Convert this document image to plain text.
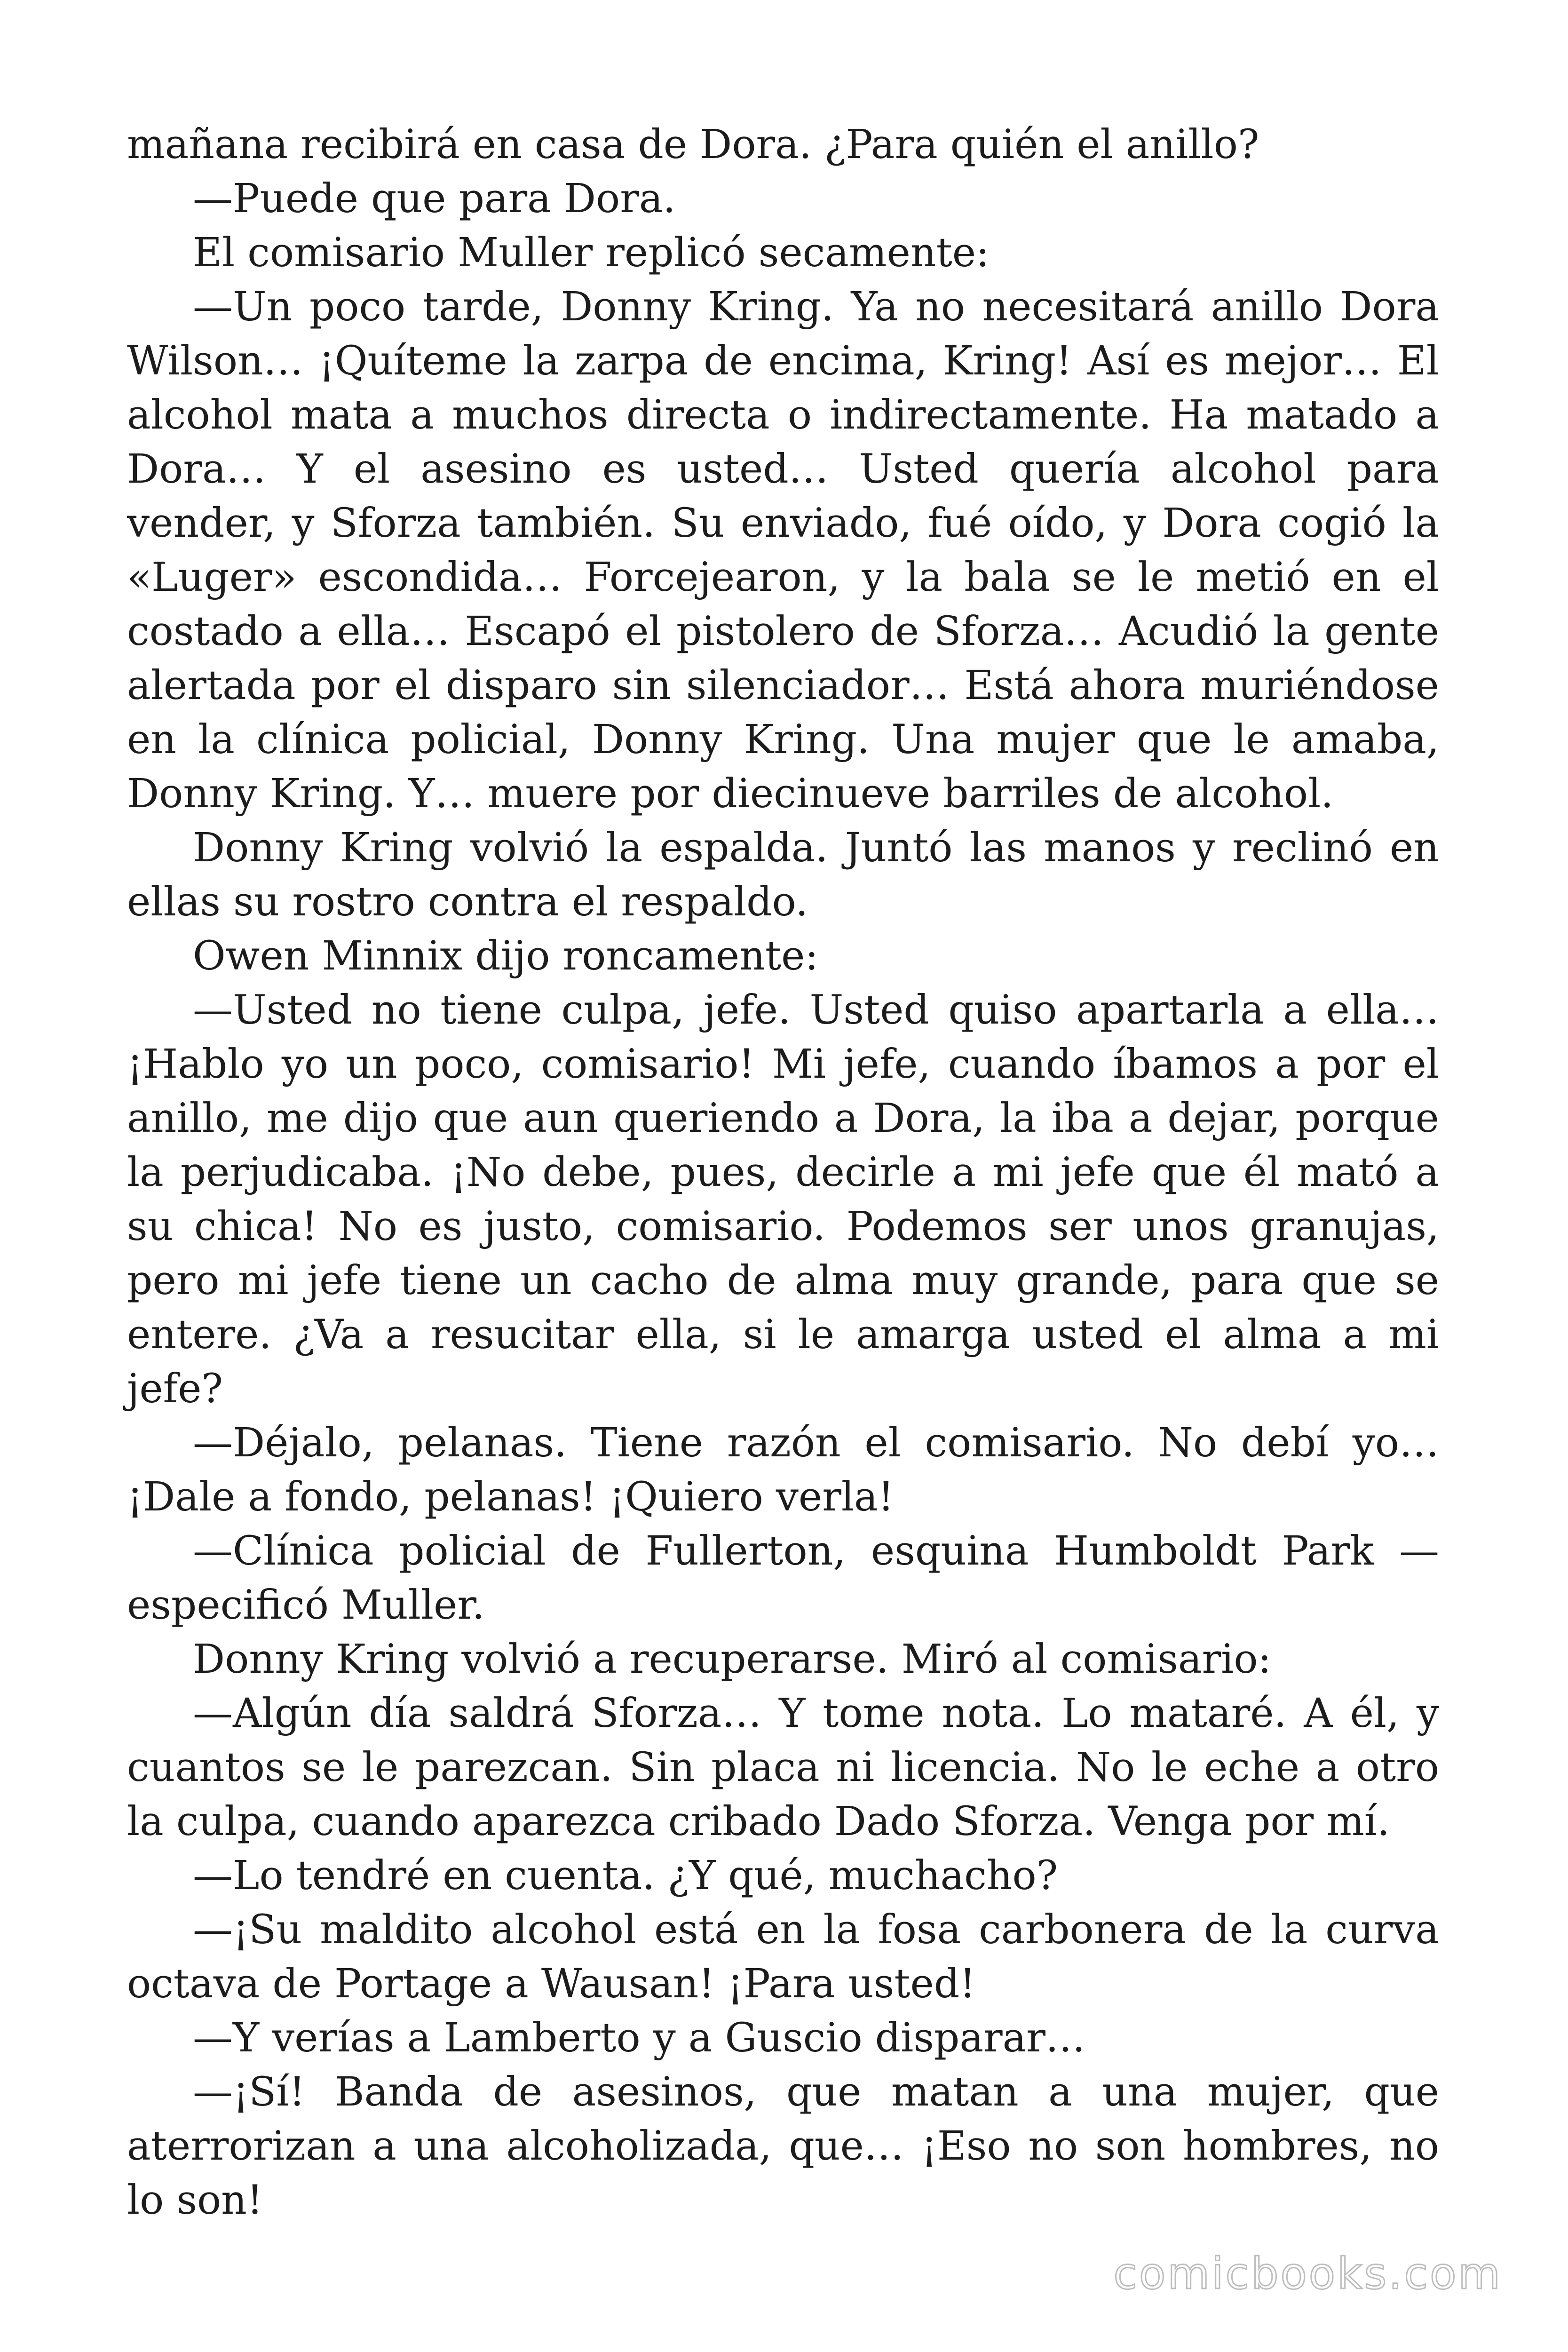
mañana recibirá en casa de Dora. ¿Para quién el anillo?

—Puede que para Dora.

El comisario Muller replicó secamente:

—Un poco tarde, Donny Kring. Ya no necesitará anillo Dora Wilson… ¡Quíteme la zarpa de encima, Kring! Así es mejor… El alcohol mata a muchos directa o indirectamente. Ha matado a Dora… Y el asesino es usted… Usted quería alcohol para vender, y Sforza también. Su enviado, fué oído, y Dora cogió la «Luger» escondida… Forcejearon, y la bala se le metió en el costado a ella… Escapó el pistolero de Sforza… Acudió la gente alertada por el disparo sin silenciador… Está ahora muriéndose en la clínica policial, Donny Kring. Una mujer que le amaba, Donny Kring. Y… muere por diecinueve barriles de alcohol.

Donny Kring volvió la espalda. Juntó las manos y reclinó en ellas su rostro contra el respaldo.

Owen Minnix dijo roncamente:

—Usted no tiene culpa, jefe. Usted quiso apartarla a ella… ¡Hablo yo un poco, comisario! Mi jefe, cuando íbamos a por el anillo, me dijo que aun queriendo a Dora, la iba a dejar, porque la perjudicaba. ¡No debe, pues, decirle a mi jefe que él mató a su chica! No es justo, comisario. Podemos ser unos granujas, pero mi jefe tiene un cacho de alma muy grande, para que se entere. ¿Va a resucitar ella, si le amarga usted el alma a mi jefe?

—Déjalo, pelanas. Tiene razón el comisario. No debí yo… ¡Dale a fondo, pelanas! ¡Quiero verla!

—Clínica policial de Fullerton, esquina Humboldt Park —especificó Muller.

Donny Kring volvió a recuperarse. Miró al comisario:

—Algún día saldrá Sforza… Y tome nota. Lo mataré. A él, y cuantos se le parezcan. Sin placa ni licencia. No le eche a otro la culpa, cuando aparezca cribado Dado Sforza. Venga por mí.

—Lo tendré en cuenta. ¿Y qué, muchacho?

—¡Su maldito alcohol está en la fosa carbonera de la curva octava de Portage a Wausan! ¡Para usted!

—Y verías a Lamberto y a Guscio disparar…

—¡Sí! Banda de asesinos, que matan a una mujer, que aterrorizan a una alcoholizada, que… ¡Eso no son hombres, no lo son!

comicbooks.com
